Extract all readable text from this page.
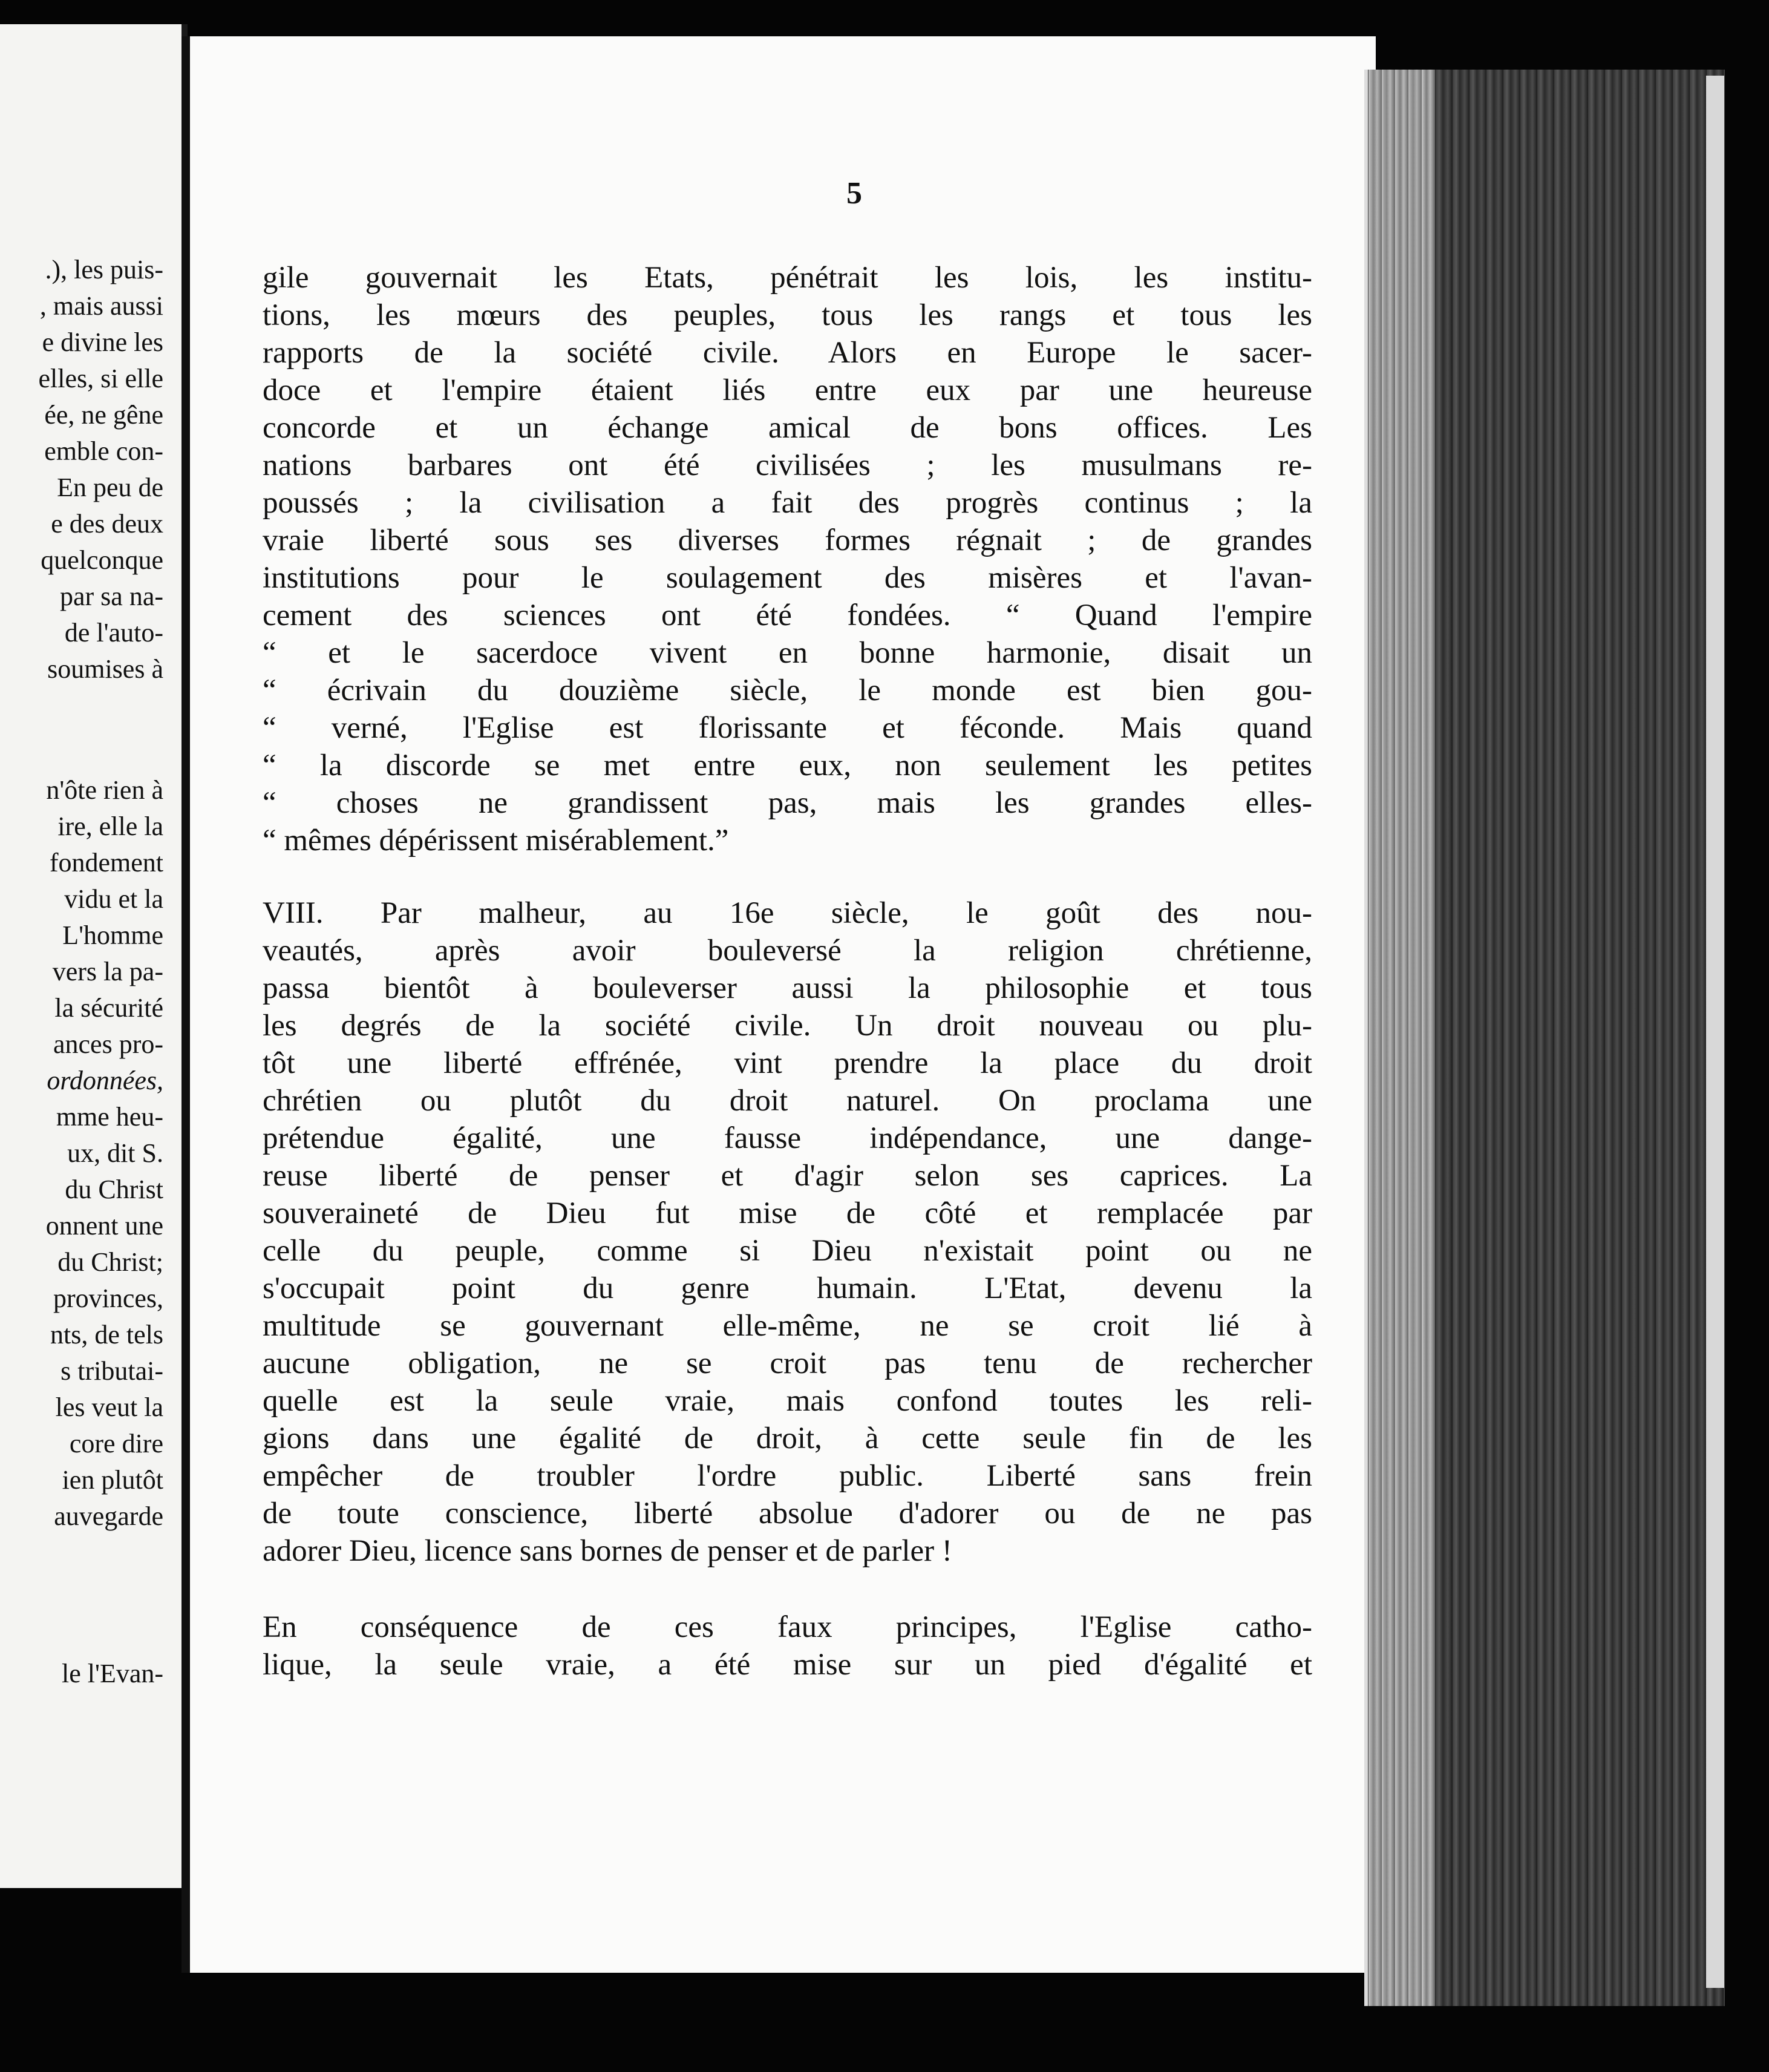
.), les puis-
, mais aussi
e divine les
elles, si elle
ée, ne gêne
emble con-
En peu de
e des deux
quelconque
par sa na-
de l'auto-
soumises à
n'ôte rien à
ire, elle la
fondement
vidu et la
L'homme
vers la pa-
la sécurité
ances pro-
ordonnées,
mme heu-
ux, dit S.
du Christ
onnent une
du Christ;
provinces,
nts, de tels
s tributai-
les veut la
core dire
ien plutôt
auvegarde
le l'Evan-
5
gile gouvernait les Etats, pénétrait les lois, les institu-
tions, les mœurs des peuples, tous les rangs et tous les
rapports de la société civile. Alors en Europe le sacer-
doce et l'empire étaient liés entre eux par une heureuse
concorde et un échange amical de bons offices. Les
nations barbares ont été civilisées ; les musulmans re-
poussés ; la civilisation a fait des progrès continus ; la
vraie liberté sous ses diverses formes régnait ; de grandes
institutions pour le soulagement des misères et l'avan-
cement des sciences ont été fondées. “ Quand l'empire
“ et le sacerdoce vivent en bonne harmonie, disait un
“ écrivain du douzième siècle, le monde est bien gou-
“ verné, l'Eglise est florissante et féconde. Mais quand
“ la discorde se met entre eux, non seulement les petites
“ choses ne grandissent pas, mais les grandes elles-
“ mêmes dépérissent misérablement.”
VIII. Par malheur, au 16e siècle, le goût des nou-
veautés, après avoir bouleversé la religion chrétienne,
passa bientôt à bouleverser aussi la philosophie et tous
les degrés de la société civile. Un droit nouveau ou plu-
tôt une liberté effrénée, vint prendre la place du droit
chrétien ou plutôt du droit naturel. On proclama une
prétendue égalité, une fausse indépendance, une dange-
reuse liberté de penser et d'agir selon ses caprices. La
souveraineté de Dieu fut mise de côté et remplacée par
celle du peuple, comme si Dieu n'existait point ou ne
s'occupait point du genre humain. L'Etat, devenu la
multitude se gouvernant elle-même, ne se croit lié à
aucune obligation, ne se croit pas tenu de rechercher
quelle est la seule vraie, mais confond toutes les reli-
gions dans une égalité de droit, à cette seule fin de les
empêcher de troubler l'ordre public. Liberté sans frein
de toute conscience, liberté absolue d'adorer ou de ne pas
adorer Dieu, licence sans bornes de penser et de parler !
En conséquence de ces faux principes, l'Eglise catho-
lique, la seule vraie, a été mise sur un pied d'égalité et
